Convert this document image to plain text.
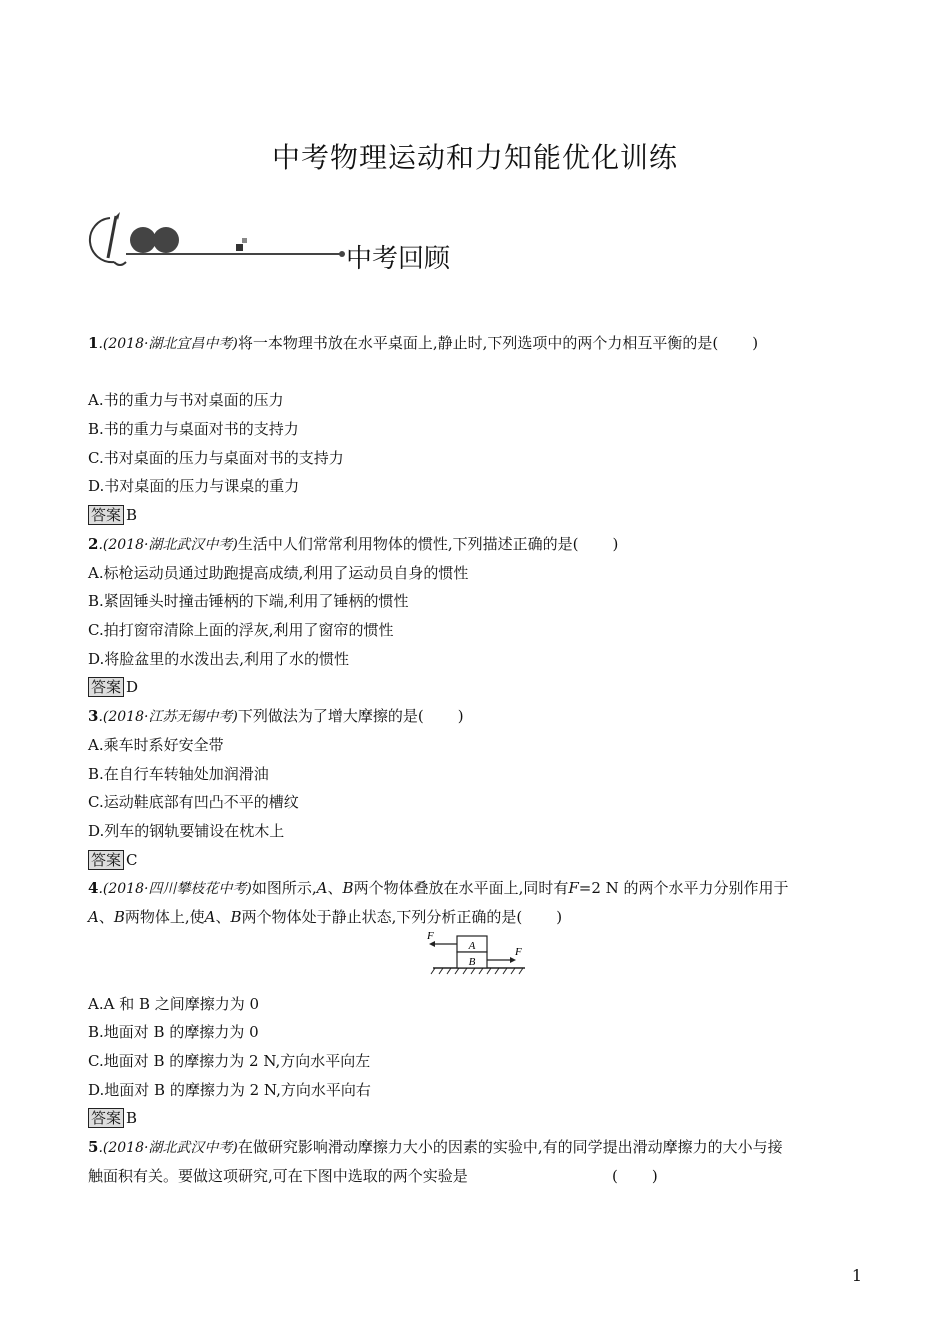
中考物理运动和力知能优化训练
中考回顾
1.(2018·湖北宜昌中考)将一本物理书放在水平桌面上,静止时,下列选项中的两个力相互平衡的是( )
A.书的重力与书对桌面的压力
B.书的重力与桌面对书的支持力
C.书对桌面的压力与桌面对书的支持力
D.书对桌面的压力与课桌的重力
答案 B
2.(2018·湖北武汉中考)生活中人们常常利用物体的惯性,下列描述正确的是( )
A.标枪运动员通过助跑提高成绩,利用了运动员自身的惯性
B.紧固锤头时撞击锤柄的下端,利用了锤柄的惯性
C.拍打窗帘清除上面的浮灰,利用了窗帘的惯性
D.将脸盆里的水泼出去,利用了水的惯性
答案 D
3.(2018·江苏无锡中考)下列做法为了增大摩擦的是( )
A.乘车时系好安全带
B.在自行车转轴处加润滑油
C.运动鞋底部有凹凸不平的槽纹
D.列车的钢轨要铺设在枕木上
答案 C
4.(2018·四川攀枝花中考)如图所示,A、B两个物体叠放在水平面上,同时有F=2 N 的两个水平力分别作用于
A、B两物体上,使A、B两个物体处于静止状态,下列分析正确的是( )
A
B
F
F
A.A 和 B 之间摩擦力为 0
B.地面对 B 的摩擦力为 0
C.地面对 B 的摩擦力为 2 N,方向水平向左
D.地面对 B 的摩擦力为 2 N,方向水平向右
答案 B
5.(2018·湖北武汉中考)在做研究影响滑动摩擦力大小的因素的实验中,有的同学提出滑动摩擦力的大小与接
触面积有关。要做这项研究,可在下图中选取的两个实验是	( )
1
